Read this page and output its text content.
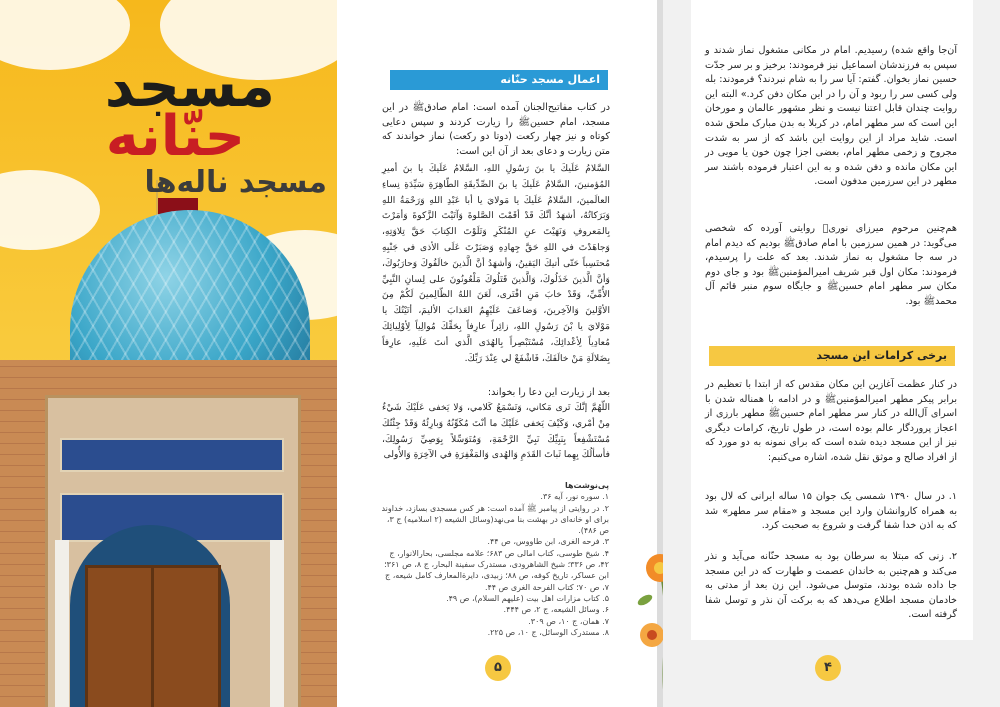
مسجد
حنّانه
مسجد ناله‌ها
اعمال مسجد حنّانه
در کتاب مفاتیح‌الجنان آمده است: امام صادقﷺ در این مسجد، امام حسینﷺ را زیارت کردند و سپس دعایی کوتاه و نیز چهار رکعت (دوتا دو رکعت) نماز خواندند که متن زیارت و دعای بعد از آن این است:
السَّلامُ عَلَيكَ يا بنَ رَسُولِ اللهِ، السَّلامُ عَلَيكَ يا بنَ أميرِ المُؤمنينَ، السَّلامُ عَلَيكَ يا بنَ الصِّدِّيقَةِ الطّاهِرَةِ سَيِّدَةِ نِساءِ العالَمينَ، السَّلامُ عَلَيكَ يا مَولايَ يا أبا عَبْدِ اللهِ وَرَحْمَةُ اللهِ وَبَرَكاتُهُ، أشهَدُ أنَّكَ قَدْ أقَمْتَ الصَّلوةَ وَآتَيْتَ الزَّكوةَ وَأمَرْتَ بِالمَعروفِ وَنَهَيْتَ عنِ المُنْكَرِ وَتَلَوْتَ الكِتابَ حَقَّ تِلاوَتِهِ، وَجاهَدْتَ في اللهِ حَقَّ جِهادِهِ وَصَبَرْتَ عَلَى الأذى في جَنْبِهِ مُحتَسِباً حَتّى أتيكَ اليَقينُ، وَأشهَدُ أنَّ الَّذينَ خالَفُوكَ وَحارَبُوكَ، وَأنَّ الَّذينَ خَذَلُوكَ، وَالَّذينَ قَتَلُوكَ مَلْعُونُونَ على لِسانِ النَّبِيِّ الأُمِّيِّ، وَقَدْ خابَ مَنِ افْتَرى، لَعَنَ اللهُ الظّالِمينَ لَكُمْ مِنَ الأوَّلينَ وَالآخِرينَ، وَضاعَفَ عَلَيْهِمُ العَذابَ الأليمَ، أتَيْتُكَ يا مَوْلايَ يا بْنَ رَسُولِ اللهِ، زائِراً عارِفاً بِحَقِّكَ مُوالِياً لِأوْلِيائِكَ مُعادِياً لِأعْدائِكَ، مُسْتَبْصِراً بِالهُدَى الَّذي أنتَ عَلَيهِ، عارِفاً بِضَلالَةِ مَنْ خالَفَكَ، فَاشْفَعْ لي عِنْدَ رَبِّكَ.
بعد از زیارت این دعا را بخواند:
اللّهُمَّ إنَّكَ تَرى مَكاني، وَتَسْمَعُ كَلامي، وَلا يَخفى عَلَيْكَ شَيْءٌ مِنْ أمْري، وَكَيْفَ يَخفى عَلَيْكَ ما أنْتَ مُكَوِّنُهُ وَبارِئُهُ وَقَدْ جِئْتُكَ مُسْتَشْفِعاً بِنَبِيِّكَ نَبِيِّ الرَّحْمَةِ، وَمُتَوَسِّلاً بِوَصِيِّ رَسُولِكَ، فأسألُكَ بِهِما ثَباتَ القَدَمِ وَالهُدى وَالمَغْفِرَةِ في الآخِرَةِ وَالأُولى
پی‌نوشت‌ها
۱. سوره نور، آیه ۳۶.
۲. در روایتی از پیامبر ﷺ آمده است: هر کس مسجدی بسازد، خداوند برای او خانه‌ای در بهشت بنا می‌نهد(وسائل الشیعه (۲ اسلامیه) ج ۳، ص ۴۸۶).
۳. فرحه الغری، ابن طاووس، ص ۴۴.
۴. شیخ طوسی، کتاب امالی ص ۶۸۳؛ علامه مجلسی، بحارالانوار، ج ۴۲، ص ۳۳۶؛ شیخ الشاهرودی، مستدرک سفینة البحار، ج ۸، ص ۳۶۱؛ ابن عساکر، تاریخ کوفه، ص ۸۸؛ زبیدی، دایرةالمعارف کامل شیعه، ج ۷، ص ۷۰؛ کتاب الفرحة الغری ص ۴۴.
۵. کتاب مزارات اهل بیت (علیهم السلام)، ص ۴۹.
۶. وسائل الشیعه، ج ۲، ص ۴۴۴.
۷. همان، ج ۱۰، ص ۳۰۹.
۸. مستدرک الوسائل، ج ۱۰، ص ۲۲۵.
۵
آن‌جا واقع شده) رسیدیم. امام در مکانی مشغول نماز شدند و سپس به فرزندشان اسماعیل نیز فرمودند: برخیز و بر سر جدّت حسین نماز بخوان. گفتم: آیا سر را به شام نبردند؟ فرمودند: بله ولی کسی سر را ربود و آن را در این مکان دفن کرد.» البته این روایت چندان قابل اعتنا نیست و نظر مشهور عالمان و مورخان این است که سر مطهر امام، در کربلا به بدن مبارک ملحق شده است. شاید مراد از این روایت این باشد که از سر به شدت مجروح و زخمی مطهر امام، بعضی اجزا چون خون یا مویی در این مکان مانده و دفن شده و به این اعتبار فرموده باشند سر مطهر در این سرزمین مدفون است.
هم‌چنین مرحوم میرزای نوری﷫ روایتی آورده که شخصی می‌گوید: در همین سرزمین با امام صادقﷺ بودیم که دیدم امام در سه جا مشغول به نماز شدند. بعد که علت را پرسیدم، فرمودند: مکان اول قبر شریف امیرالمؤمنینﷺ بود و جای دوم مکان سر مطهر امام حسینﷺ و جایگاه سوم منبر قائم آل محمدﷺ بود.
برخی کرامات این مسجد
در کنار عظمت آغازین این مکان مقدس که از ابتدا با تعظیم در برابر پیکر مطهر امیرالمؤمنینﷺ و در ادامه با همناله شدن با اسرای آل‌الله در کنار سر مطهر امام حسینﷺ مطهر بارزی از اعجاز پروردگار عالم بوده است، در طول تاریخ، کرامات دیگری نیز از این مسجد دیده شده است که برای نمونه به دو مورد که از افراد صالح و موثق نقل شده، اشاره می‌کنیم:
۱. در سال ۱۳۹۰ شمسی یک جوان ۱۵ ساله ایرانی که لال بود به همراه کاروانشان وارد این مسجد و «مقام سر مطهر» شد که به اذن خدا شفا گرفت و شروع به صحبت کرد.
۲. زنی که مبتلا به سرطان بود به مسجد حنّانه می‌آید و نذر می‌کند و هم‌چنین به خاندان عصمت و طهارت که در این مسجد جا داده شده بودند، متوسل می‌شود. این زن بعد از مدتی به خادمان مسجد اطلاع می‌دهد که به برکت آن نذر و توسل شفا گرفته است.
۴
